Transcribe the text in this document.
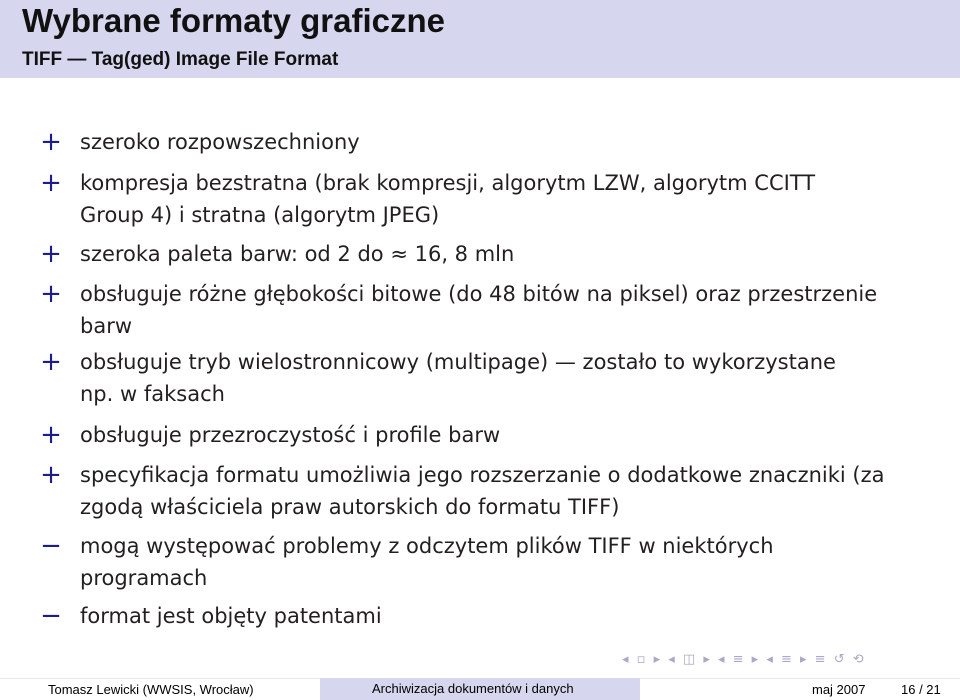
Wybrane formaty graficzne
TIFF — Tag(ged) Image File Format
+ szeroko rozpowszechniony
+ kompresja bezstratna (brak kompresji, algorytm LZW, algorytm CCITT
Group 4) i stratna (algorytm JPEG)
+ szeroka paleta barw: od 2 do ≈ 16, 8 mln
+ obsługuje różne głębokości bitowe (do 48 bitów na piksel) oraz przestrzenie
barw
+ obsługuje tryb wielostronnicowy (multipage) — zostało to wykorzystane
np. w faksach
+ obsługuje przezroczystość i profile barw
+ specyfikacja formatu umożliwia jego rozszerzanie o dodatkowe znaczniki (za
zgodą właściciela praw autorskich do formatu TIFF)
− mogą występować problemy z odczytem plików TIFF w niektórych
programach
− format jest objęty patentami
◂ ▫ ▸ ◂ ◫ ▸ ◂ ≡ ▸ ◂ ≡ ▸ ≡ ↺ ⟲
Tomasz Lewicki (WWSIS, Wrocław)	Archiwizacja dokumentów i danych	maj 2007	16 / 21
